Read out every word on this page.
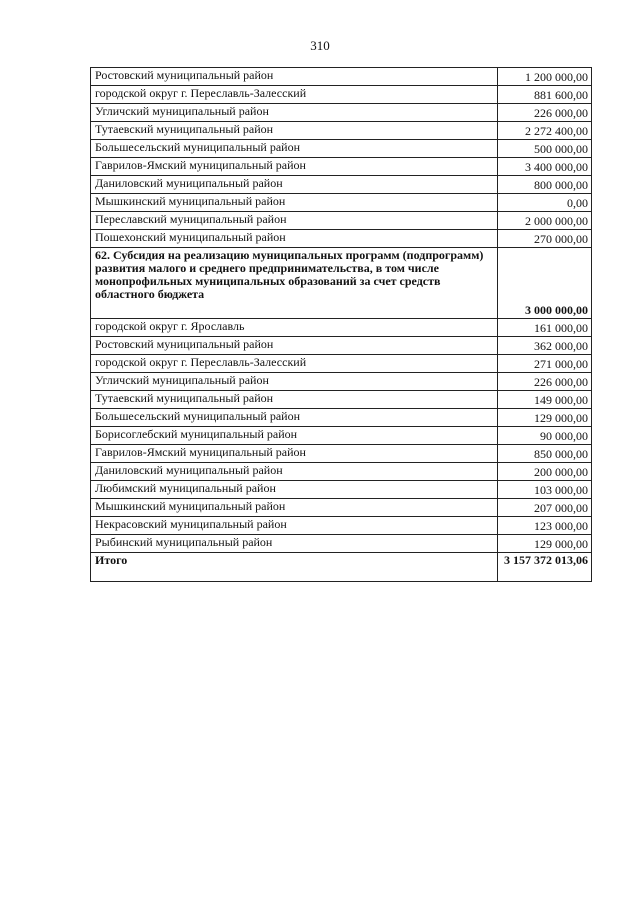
310
Ростовский муниципальный район	1 200 000,00
городской округ г. Переславль-Залесский	881 600,00
Угличский муниципальный район	226 000,00
Тутаевский муниципальный район	2 272 400,00
Большесельский муниципальный район	500 000,00
Гаврилов-Ямский муниципальный район	3 400 000,00
Даниловский муниципальный район	800 000,00
Мышкинский муниципальный район	0,00
Переславский муниципальный район	2 000 000,00
Пошехонский муниципальный район	270 000,00
62. Субсидия на реализацию муниципальных программ (подпрограмм) развития малого и среднего предпринимательства, в том числе монопрофильных муниципальных образований за счет средств областного бюджета	3 000 000,00
городской округ г. Ярославль	161 000,00
Ростовский муниципальный район	362 000,00
городской округ г. Переславль-Залесский	271 000,00
Угличский муниципальный район	226 000,00
Тутаевский муниципальный район	149 000,00
Большесельский муниципальный район	129 000,00
Борисоглебский муниципальный район	90 000,00
Гаврилов-Ямский муниципальный район	850 000,00
Даниловский муниципальный район	200 000,00
Любимский муниципальный район	103 000,00
Мышкинский муниципальный район	207 000,00
Некрасовский муниципальный район	123 000,00
Рыбинский муниципальный район	129 000,00
Итого	3 157 372 013,06
